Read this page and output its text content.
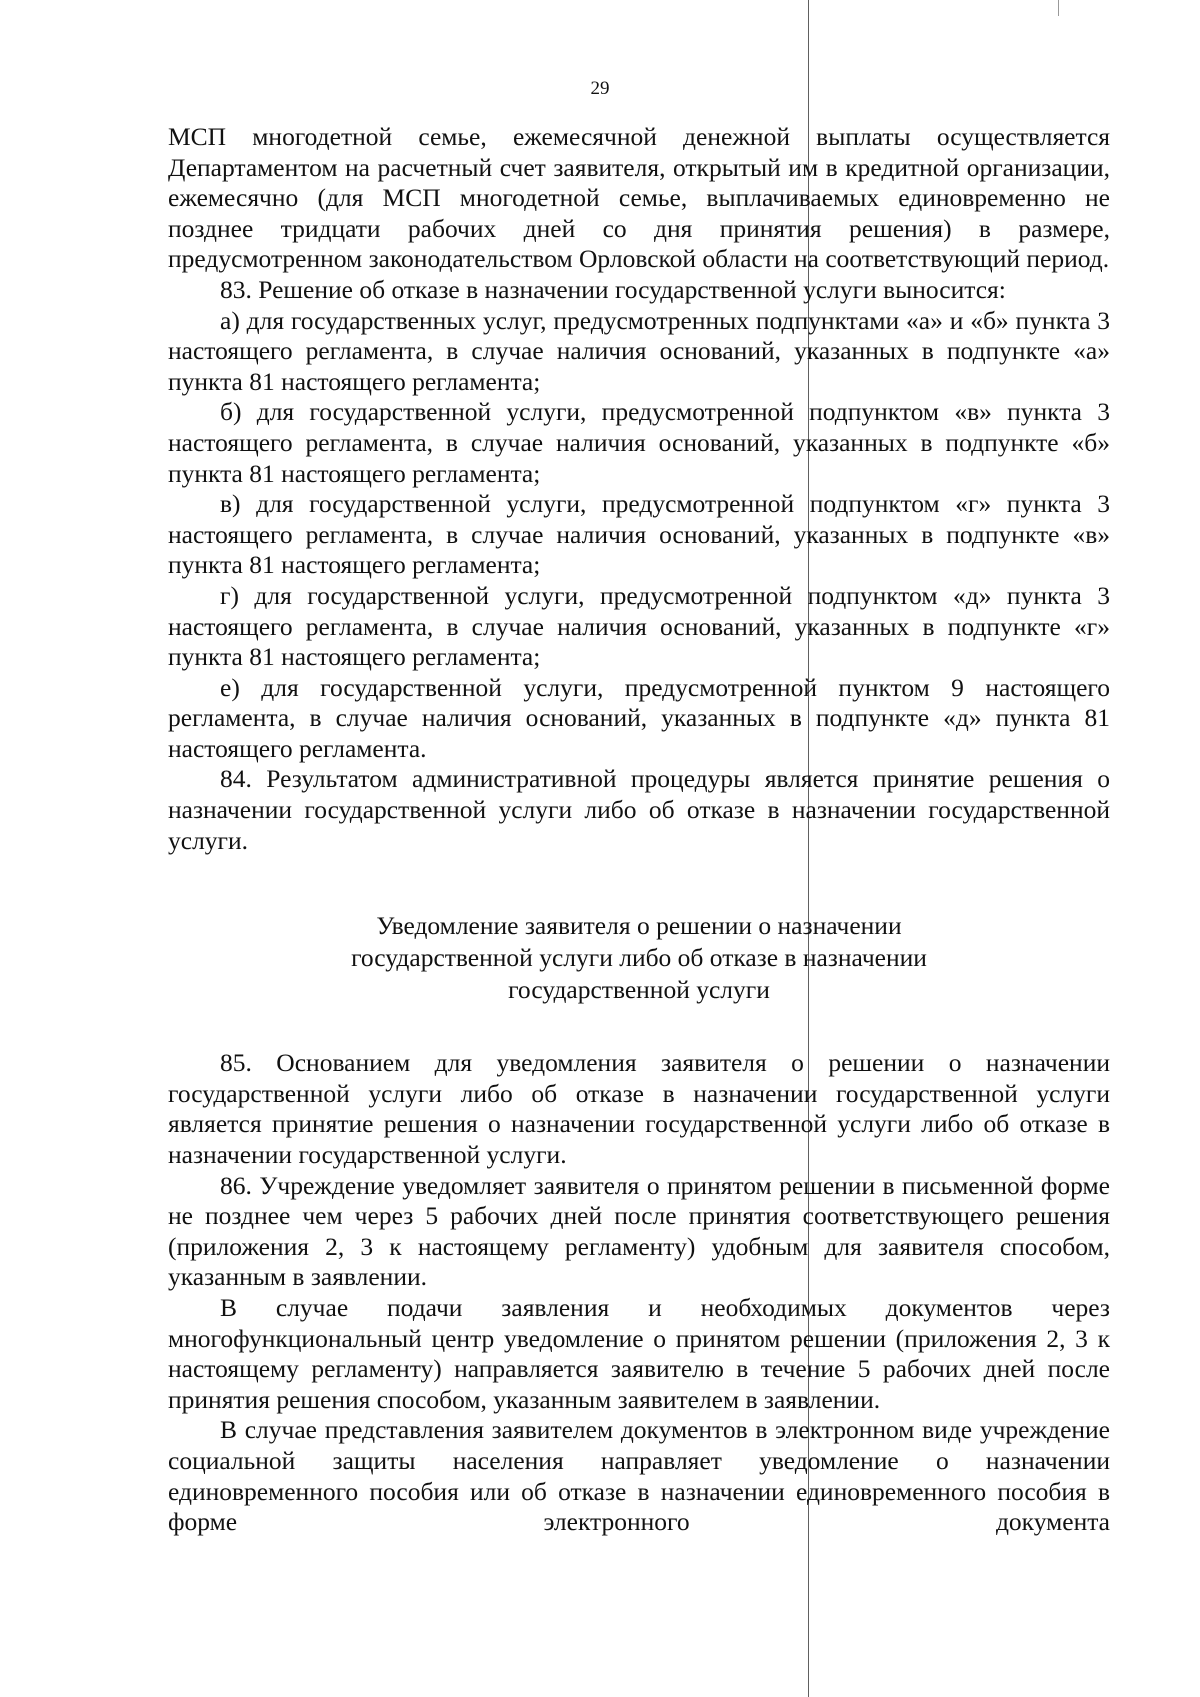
29

МСП многодетной семье, ежемесячной денежной выплаты осуществляется Департаментом на расчетный счет заявителя, открытый им в кредитной организации, ежемесячно (для МСП многодетной семье, выплачиваемых единовременно не позднее тридцати рабочих дней со дня принятия решения) в размере, предусмотренном законодательством Орловской области на соответствующий период.

83. Решение об отказе в назначении государственной услуги выносится:

а) для государственных услуг, предусмотренных подпунктами «а» и «б» пункта 3 настоящего регламента, в случае наличия оснований, указанных в подпункте «а» пункта 81 настоящего регламента;

б) для государственной услуги, предусмотренной подпунктом «в» пункта 3 настоящего регламента, в случае наличия оснований, указанных в подпункте «б» пункта 81 настоящего регламента;

в) для государственной услуги, предусмотренной подпунктом «г» пункта 3 настоящего регламента, в случае наличия оснований, указанных в подпункте «в» пункта 81 настоящего регламента;

г) для государственной услуги, предусмотренной подпунктом «д» пункта 3 настоящего регламента, в случае наличия оснований, указанных в подпункте «г» пункта 81 настоящего регламента;

е) для государственной услуги, предусмотренной пунктом 9 настоящего регламента, в случае наличия оснований, указанных в подпункте «д» пункта 81 настоящего регламента.

84. Результатом административной процедуры является принятие решения о назначении государственной услуги либо об отказе в назначении государственной услуги.

Уведомление заявителя о решении о назначении
государственной услуги либо об отказе в назначении
государственной услуги

85. Основанием для уведомления заявителя о решении о назначении государственной услуги либо об отказе в назначении государственной услуги является принятие решения о назначении государственной услуги либо об отказе в назначении государственной услуги.

86. Учреждение уведомляет заявителя о принятом решении в письменной форме не позднее чем через 5 рабочих дней после принятия соответствующего решения (приложения 2, 3 к настоящему регламенту) удобным для заявителя способом, указанным в заявлении.

В случае подачи заявления и необходимых документов через многофункциональный центр уведомление о принятом решении (приложения 2, 3 к настоящему регламенту) направляется заявителю в течение 5 рабочих дней после принятия решения способом, указанным заявителем в заявлении.

В случае представления заявителем документов в электронном виде учреждение социальной защиты населения направляет уведомление о назначении единовременного пособия или об отказе в назначении единовременного пособия в форме электронного документа
